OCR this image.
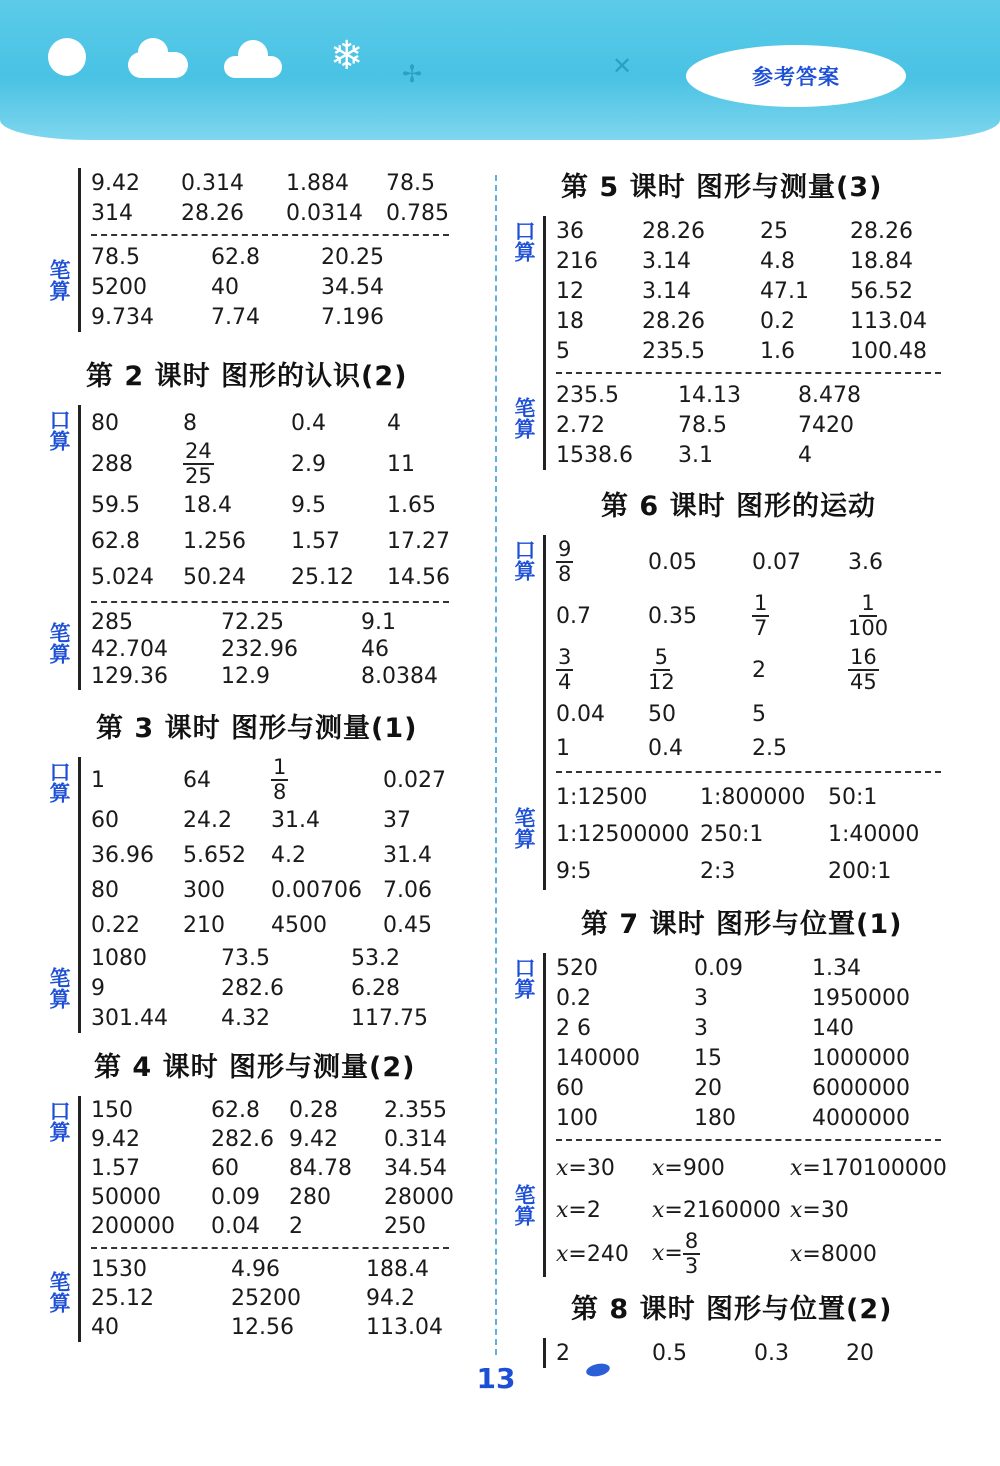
❄ ✢	✕	参考答案
9.42	0.314	1.884	78.5
314	28.26	0.0314	0.785
笔算
78.5	62.8	20.25
5200	40	34.54
9.734	7.74	7.196
第 2 课时 图形的认识(2)
口算 80	8	0.4	4
288	$\frac{24}{25}$	2.9	11
59.5	18.4	9.5	1.65
62.8	1.256	1.57	17.27
5.024	50.24	25.12	14.56
笔算 285	72.25	9.1
42.704	232.96	46
129.36	12.9	8.0384
第 3 课时 图形与测量(1)
口算 1	64	$\frac{1}{8}$	0.027
60	24.2	31.4	37
36.96	5.652	4.2	31.4
80	300	0.00706	7.06
0.22	210	4500	0.45
笔算
1080	73.5	53.2
9	282.6	6.28
301.44	4.32	117.75
第 4 课时 图形与测量(2)
口算 150	62.8	0.28	2.355
9.42	282.6	9.42	0.314
1.57	60	84.78	34.54
50000	0.09	280	28000
200000	0.04	2	250
笔算
1530	4.96	188.4
25.12	25200	94.2
40	12.56	113.04
第 5 课时 图形与测量(3)
口算 36	28.26	25	28.26
216	3.14	4.8	18.84
12	3.14	47.1	56.52
18	28.26	0.2	113.04
5	235.5	1.6	100.48
笔算
235.5	14.13	8.478
2.72	78.5	7420
1538.6	3.1	4
第 6 课时 图形的运动
口算 $\frac{9}{8}$	0.05	0.07	3.6
0.7	0.35	$\frac{1}{7}$	$\frac{1}{100}$

$\frac{3}{4}$	$\frac{5}{12}$	2	$\frac{16}{45}$

0.04	50	5	
1	0.4	2.5	
笔算
1:12500	1:800000	50:1
1:12500000	250:1	1:40000
9:5	2:3	200:1
第 7 课时 图形与位置(1)
口算 520	0.09	1.34
0.2	3	1950000
2 6	3	140
140000	15	1000000
60	20	6000000
100	180	4000000
笔算
x=30	x=900	x=170100000
x=2	x=2160000	x=30
x=240	$x= \frac{8}{3}$	x=8000
第 8 课时 图形与位置(2)
2	0.5	0.3	20
13
